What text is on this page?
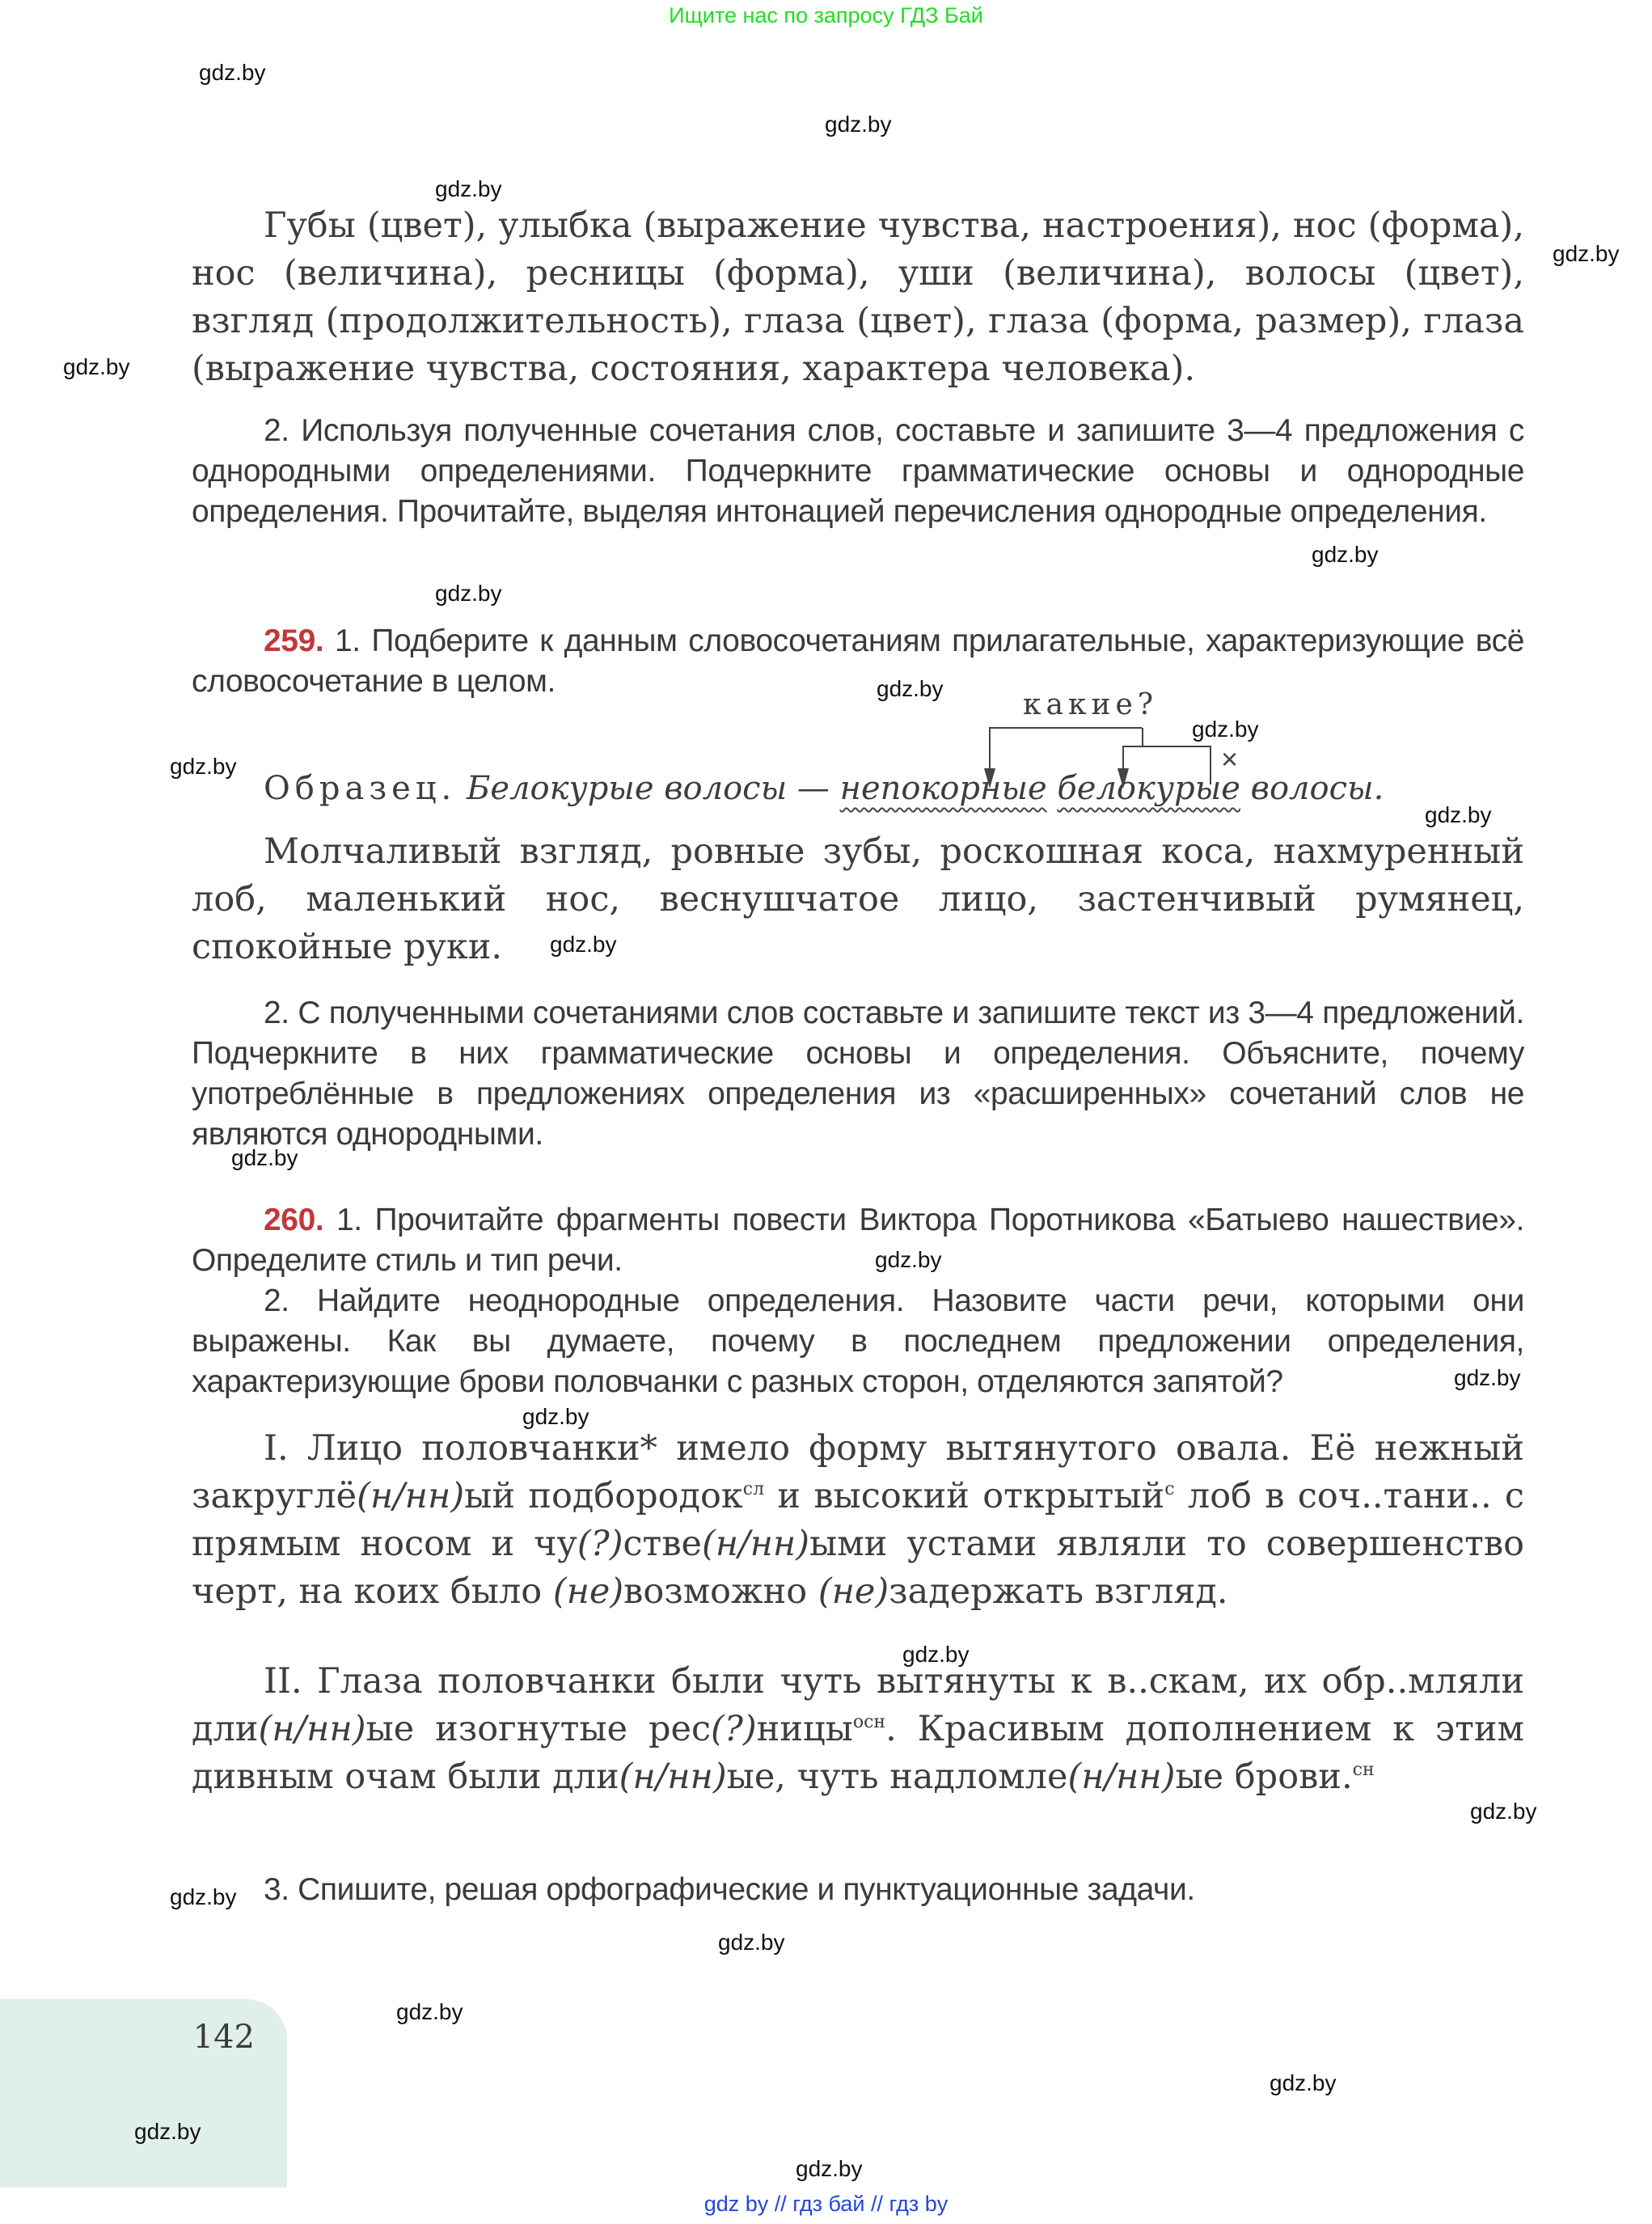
Ищите нас по запросу ГДЗ Бай
gdz.by
gdz.by
gdz.by
gdz.by
gdz.by
gdz.by
gdz.by
gdz.by
gdz.by
gdz.by
gdz.by
gdz.by
gdz.by
gdz.by
gdz.by
gdz.by
gdz.by
gdz.by
gdz.by
gdz.by
gdz.by
gdz.by
gdz.by
Губы (цвет), улыбка (выражение чувства, настроения), нос (форма), нос (величина), ресницы (форма), уши (величина), волосы (цвет), взгляд (продолжительность), глаза (цвет), глаза (форма, размер), глаза (выражение чувства, состояния, характера человека).
2. Используя полученные сочетания слов, составьте и запишите 3—4 предложения с однородными определениями. Подчеркните грамматические основы и однородные определения. Прочитайте, выделяя интонацией перечисления однородные определения.
259. 1. Подберите к данным словосочетаниям прилагательные, характеризующие всё словосочетание в целом.
какие?
×
Образец. Белокурые волосы — непокорные белокурые волосы.
Молчаливый взгляд, ровные зубы, роскошная коса, нахмуренный лоб, маленький нос, веснушчатое лицо, застенчивый румянец, спокойные руки.
2. С полученными сочетаниями слов составьте и запишите текст из 3—4 предложений. Подчеркните в них грамматические основы и определения. Объясните, почему употреблённые в предложениях определения из «расширенных» сочетаний слов не являются однородными.
260. 1. Прочитайте фрагменты повести Виктора Поротникова «Батыево нашествие». Определите стиль и тип речи.
2. Найдите неоднородные определения. Назовите части речи, которыми они выражены. Как вы думаете, почему в последнем предложении определения, характеризующие брови половчанки с разных сторон, отделяются запятой?
I. Лицо половчанки* имело форму вытянутого овала. Её нежный закруглё(н/нн)ый подбородок$^{сл}$ и высокий открытый$^с$ лоб в соч..тани.. с прямым носом и чу(?)стве(н/нн)ыми устами являли то совершенство черт, на коих было (не)возможно (не)задержать взгляд.
II. Глаза половчанки были чуть вытянуты к в..скам, их обр..мляли дли(н/нн)ые изогнутые рес(?)ницы$^{осн}$. Красивым дополнением к этим дивным очам были дли(н/нн)ые, чуть надломле(н/нн)ые брови.$^{сн}$
3. Спишите, решая орфографические и пунктуационные задачи.
142
gdz.by
gdz by // гдз бай // гдз by
